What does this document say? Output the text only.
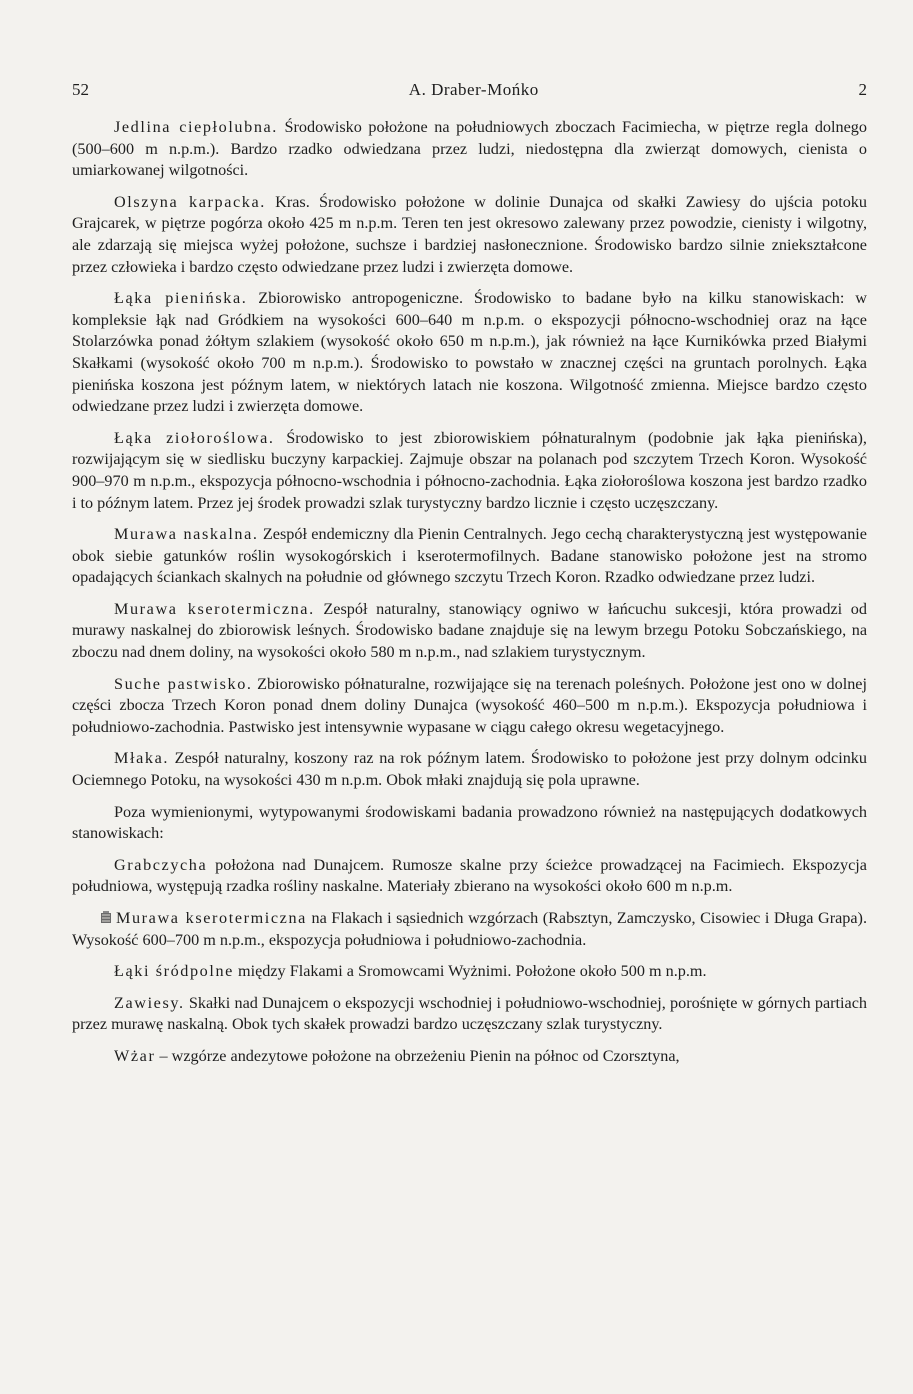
52	A. Draber-Mońko	2

Jedlina ciepłolubna. Środowisko położone na południowych zboczach Facimiecha, w piętrze regla dolnego (500–600 m n.p.m.). Bardzo rzadko odwiedzana przez ludzi, niedostępna dla zwierząt domowych, cienista o umiarkowanej wilgotności.

Olszyna karpacka. Kras. Środowisko położone w dolinie Dunajca od skałki Zawiesy do ujścia potoku Grajcarek, w piętrze pogórza około 425 m n.p.m. Teren ten jest okresowo zalewany przez powodzie, cienisty i wilgotny, ale zdarzają się miejsca wyżej położone, suchsze i bardziej nasłonecznione. Środowisko bardzo silnie zniekształcone przez człowieka i bardzo często odwiedzane przez ludzi i zwierzęta domowe.

Łąka pienińska. Zbiorowisko antropogeniczne. Środowisko to badane było na kilku stanowiskach: w kompleksie łąk nad Gródkiem na wysokości 600–640 m n.p.m. o ekspozycji północno-wschodniej oraz na łące Stolarzówka ponad żółtym szlakiem (wysokość około 650 m n.p.m.), jak również na łące Kurnikówka przed Białymi Skałkami (wysokość około 700 m n.p.m.). Środowisko to powstało w znacznej części na gruntach porolnych. Łąka pienińska koszona jest późnym latem, w niektórych latach nie koszona. Wilgotność zmienna. Miejsce bardzo często odwiedzane przez ludzi i zwierzęta domowe.

Łąka ziołoroślowa. Środowisko to jest zbiorowiskiem półnaturalnym (podobnie jak łąka pienińska), rozwijającym się w siedlisku buczyny karpackiej. Zajmuje obszar na polanach pod szczytem Trzech Koron. Wysokość 900–970 m n.p.m., ekspozycja północno-wschodnia i północno-zachodnia. Łąka ziołoroślowa koszona jest bardzo rzadko i to późnym latem. Przez jej środek prowadzi szlak turystyczny bardzo licznie i często uczęszczany.

Murawa naskalna. Zespół endemiczny dla Pienin Centralnych. Jego cechą charakterystyczną jest występowanie obok siebie gatunków roślin wysokogórskich i kserotermofilnych. Badane stanowisko położone jest na stromo opadających ściankach skalnych na południe od głównego szczytu Trzech Koron. Rzadko odwiedzane przez ludzi.

Murawa kserotermiczna. Zespół naturalny, stanowiący ogniwo w łańcuchu sukcesji, która prowadzi od murawy naskalnej do zbiorowisk leśnych. Środowisko badane znajduje się na lewym brzegu Potoku Sobczańskiego, na zboczu nad dnem doliny, na wysokości około 580 m n.p.m., nad szlakiem turystycznym.

Suche pastwisko. Zbiorowisko półnaturalne, rozwijające się na terenach poleśnych. Położone jest ono w dolnej części zbocza Trzech Koron ponad dnem doliny Dunajca (wysokość 460–500 m n.p.m.). Ekspozycja południowa i południowo-zachodnia. Pastwisko jest intensywnie wypasane w ciągu całego okresu wegetacyjnego.

Młaka. Zespół naturalny, koszony raz na rok późnym latem. Środowisko to położone jest przy dolnym odcinku Ociemnego Potoku, na wysokości 430 m n.p.m. Obok młaki znajdują się pola uprawne.

Poza wymienionymi, wytypowanymi środowiskami badania prowadzono również na następujących dodatkowych stanowiskach:

Grabczycha położona nad Dunajcem. Rumosze skalne przy ścieżce prowadzącej na Facimiech. Ekspozycja południowa, występują rzadka rośliny naskalne. Materiały zbierano na wysokości około 600 m n.p.m.

Murawa kserotermiczna na Flakach i sąsiednich wzgórzach (Rabsztyn, Zamczysko, Cisowiec i Długa Grapa). Wysokość 600–700 m n.p.m., ekspozycja południowa i południowo-zachodnia.

Łąki śródpolne między Flakami a Sromowcami Wyżnimi. Położone około 500 m n.p.m.

Zawiesy. Skałki nad Dunajcem o ekspozycji wschodniej i południowo-wschodniej, porośnięte w górnych partiach przez murawę naskalną. Obok tych skałek prowadzi bardzo uczęszczany szlak turystyczny.

Wżar – wzgórze andezytowe położone na obrzeżeniu Pienin na północ od Czorsztyna,
